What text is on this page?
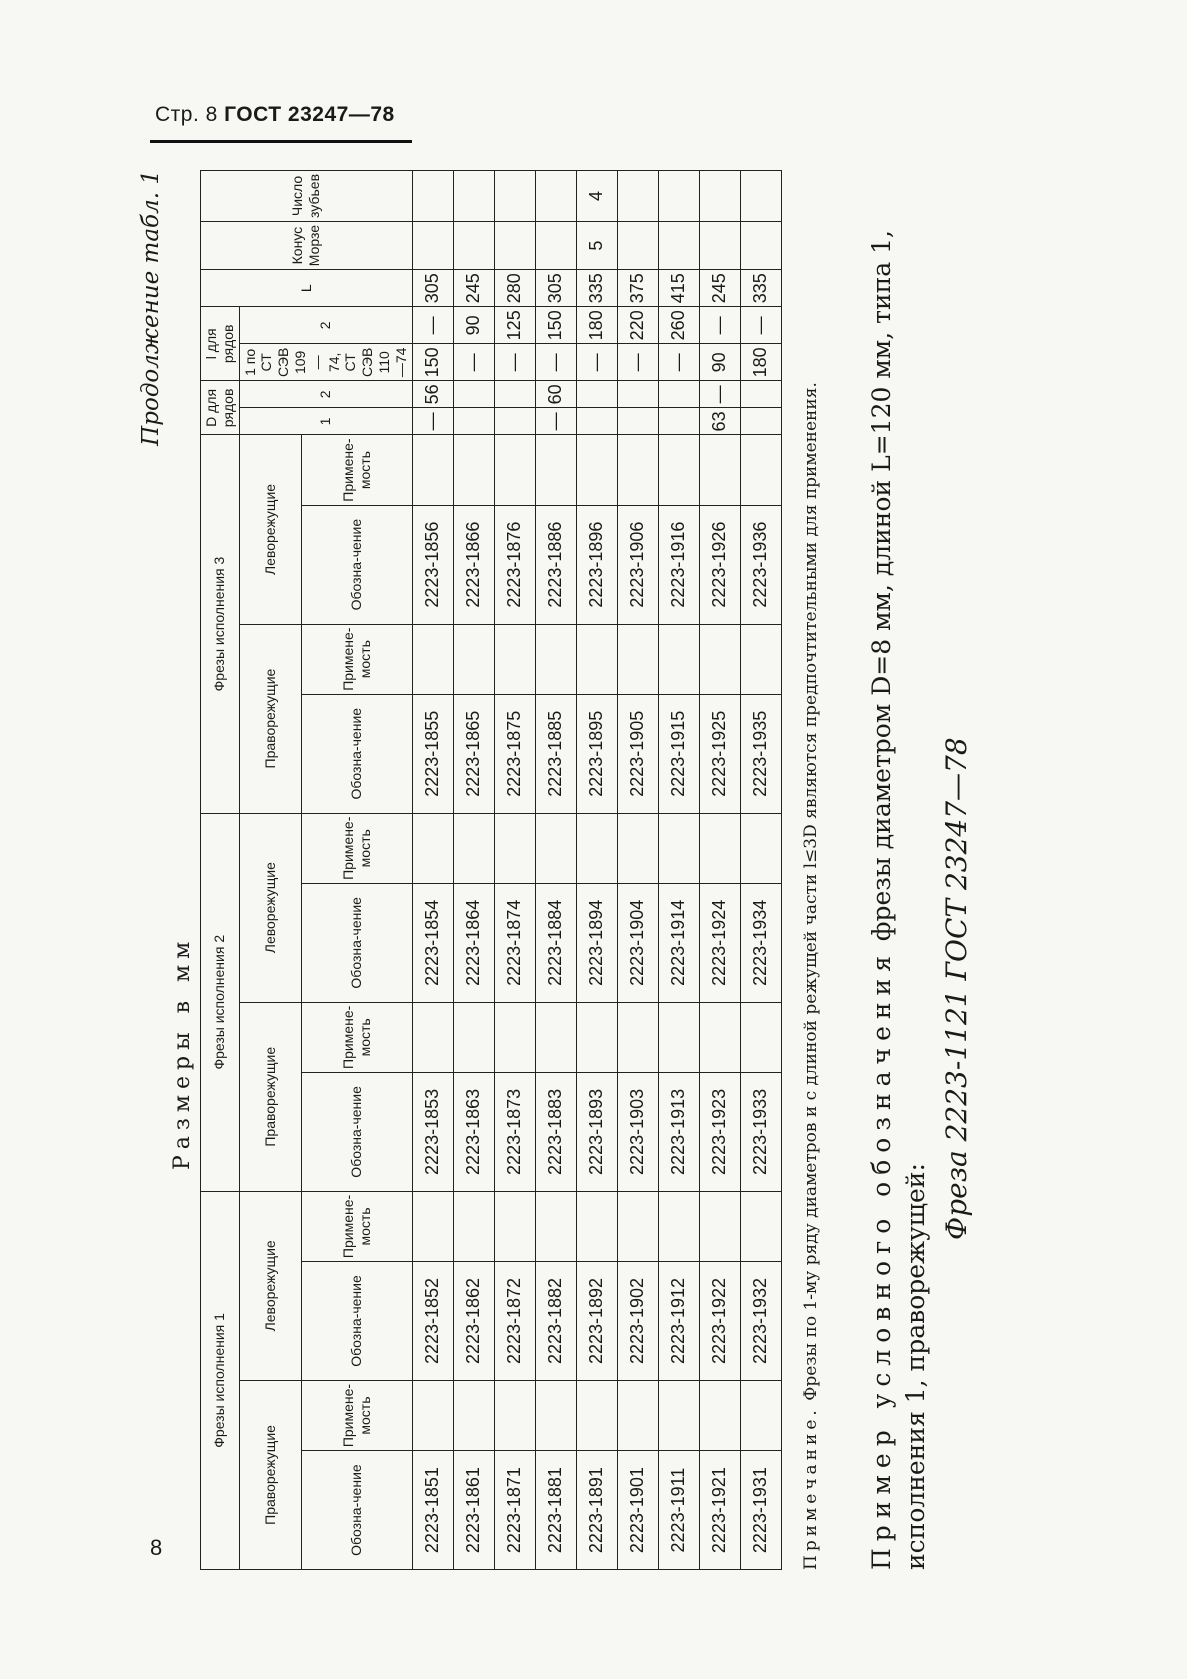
Стр. 8 ГОСТ 23247—78
8
Продолжение табл. 1
Размеры в мм
Фрезы исполнения 1				Фрезы исполнения 2				Фрезы исполнения 3				D для рядов		l для рядов		L	Конус Морзе	Число зубьев
Праворежущие		Леворежущие		Праворежущие		Леворежущие		Праворежущие		Леворежущие		1	2	1 по СТ СЭВ 109—74, СТ СЭВ 110—74	2			
Обозна-чение	Примене-мость	Обозна-чение	Примене-мость	Обозна-чение	Примене-мость	Обозна-чение	Примене-мость	Обозна-чение	Примене-мость	Обозна-чение	Примене-мость							
2223-1851		2223-1852		2223-1853		2223-1854		2223-1855		2223-1856		—	56	150	—	305		
2223-1861		2223-1862		2223-1863		2223-1864		2223-1865		2223-1866				—	90	245		
2223-1871		2223-1872		2223-1873		2223-1874		2223-1875		2223-1876				—	125	280		
2223-1881		2223-1882		2223-1883		2223-1884		2223-1885		2223-1886		—	60	—	150	305		
2223-1891		2223-1892		2223-1893		2223-1894		2223-1895		2223-1896				—	180	335	5	4
2223-1901		2223-1902		2223-1903		2223-1904		2223-1905		2223-1906				—	220	375		
2223-1911		2223-1912		2223-1913		2223-1914		2223-1915		2223-1916				—	260	415		
2223-1921		2223-1922		2223-1923		2223-1924		2223-1925		2223-1926		63	—	90	—	245		
2223-1931		2223-1932		2223-1933		2223-1934		2223-1935		2223-1936				180	—	335		
Примечание. Фрезы по 1-му ряду диаметров и с длиной режущей части l≤3D являются предпочтительными для применения. Пример условного обозначения фрезы диаметром D=8 мм, длиной L=120 мм, типа 1, исполнения 1, праворежущей:
Фреза 2223-1121 ГОСТ 23247—78
